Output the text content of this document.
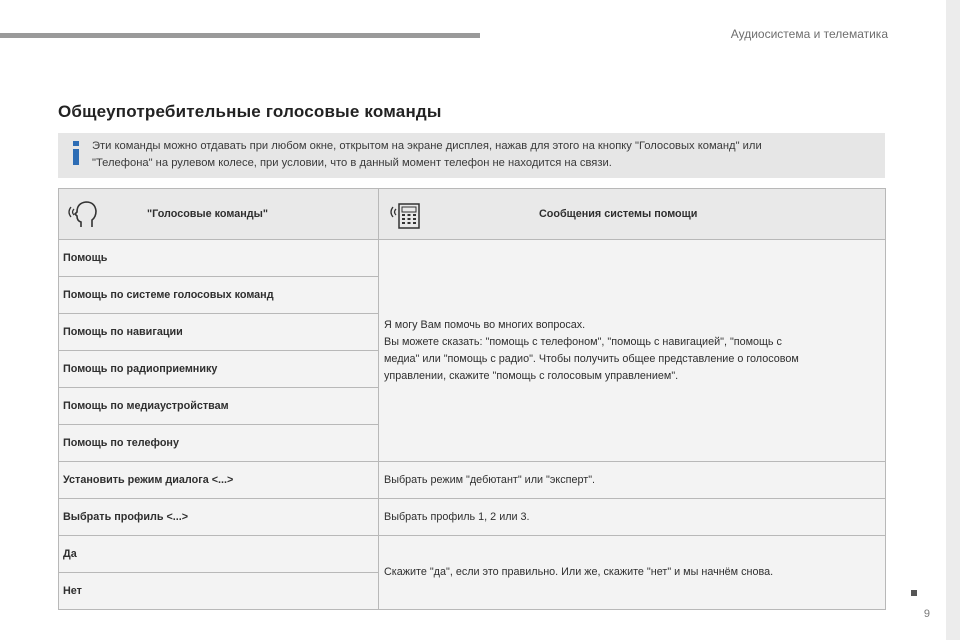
Аудиосистема и телематика
9
Общеупотребительные голосовые команды
Эти команды можно отдавать при любом окне, открытом на экране дисплея, нажав для этого на кнопку "Голосовых команд" или
"Телефона" на рулевом колесе, при условии, что в данный момент телефон не находится на связи.
"Голосовые команды"	Сообщения системы помощи

Помощь	Я могу Вам помочь во многих вопросах.
Вы можете сказать: "помощь с телефоном", "помощь с навигацией", "помощь с
медиа" или "помощь с радио". Чтобы получить общее представление о голосовом
управлении, скажите "помощь с голосовым управлением".

Помощь по системе голосовых команд	
Помощь по навигации	
Помощь по радиоприемнику	
Помощь по медиаустройствам	
Помощь по телефону	
Установить режим диалога <...>	Выбрать режим "дебютант" или "эксперт".
Выбрать профиль <...>	Выбрать профиль 1, 2 или 3.
Да	Скажите "да", если это правильно. Или же, скажите "нет" и мы начнём снова.
Нет	
